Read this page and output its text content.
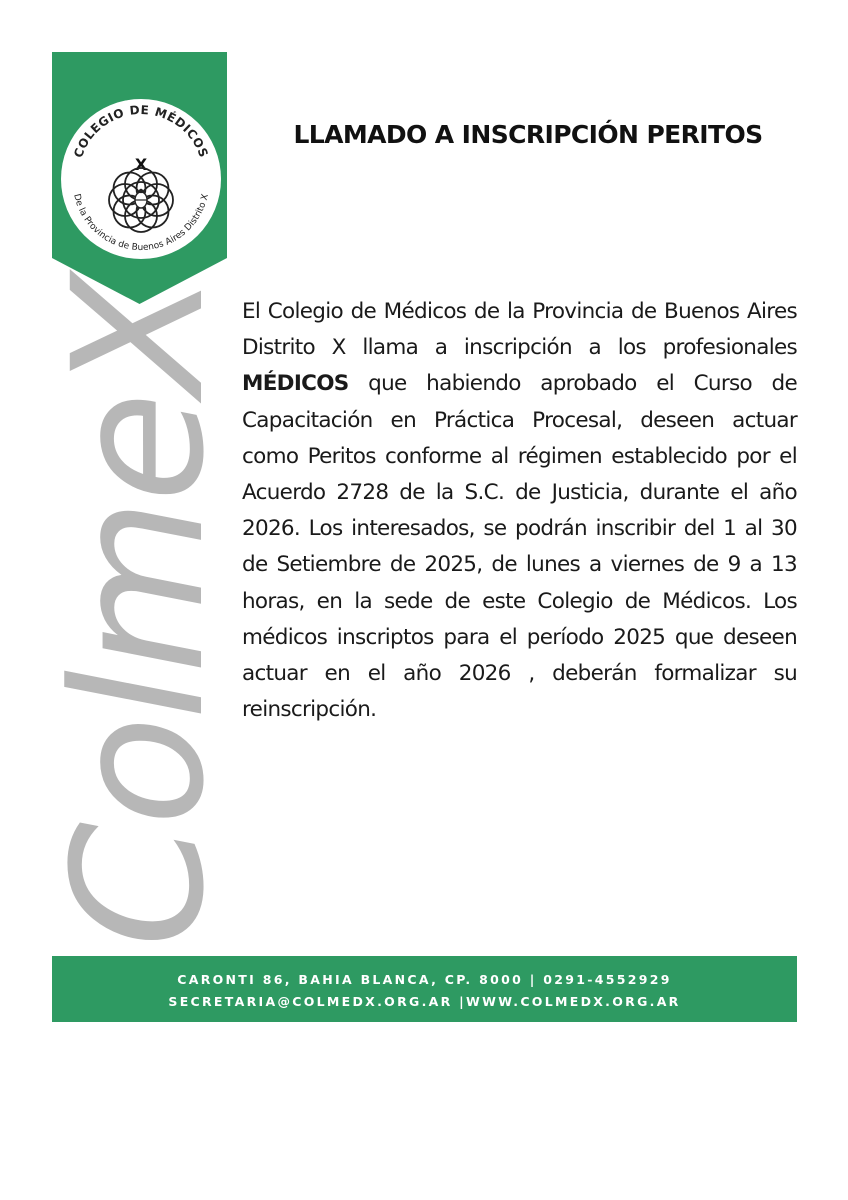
COLEGIO DE MÉDICOS
De la Provincia de Buenos Aires Distrito X
X
ColmeX
LLAMADO A INSCRIPCIÓN PERITOS

El Colegio de Médicos de la Provincia de Buenos Aires Distrito X llama a inscripción a los profesionales MÉDICOS que habiendo aprobado el Curso de Capacitación en Práctica Procesal, deseen actuar como Peritos conforme al régimen establecido por el Acuerdo 2728 de la S.C. de Justicia, durante el año 2026. Los interesados, se podrán inscribir del 1 al 30 de Setiembre de 2025, de lunes a viernes de 9 a 13 horas, en la sede de este Colegio de Médicos. Los médicos inscriptos para el período 2025 que deseen actuar en el año 2026 , deberán formalizar su reinscripción.

CARONTI 86, BAHIA BLANCA, CP. 8000 | 0291-4552929
SECRETARIA@COLMEDX.ORG.AR |WWW.COLMEDX.ORG.AR
